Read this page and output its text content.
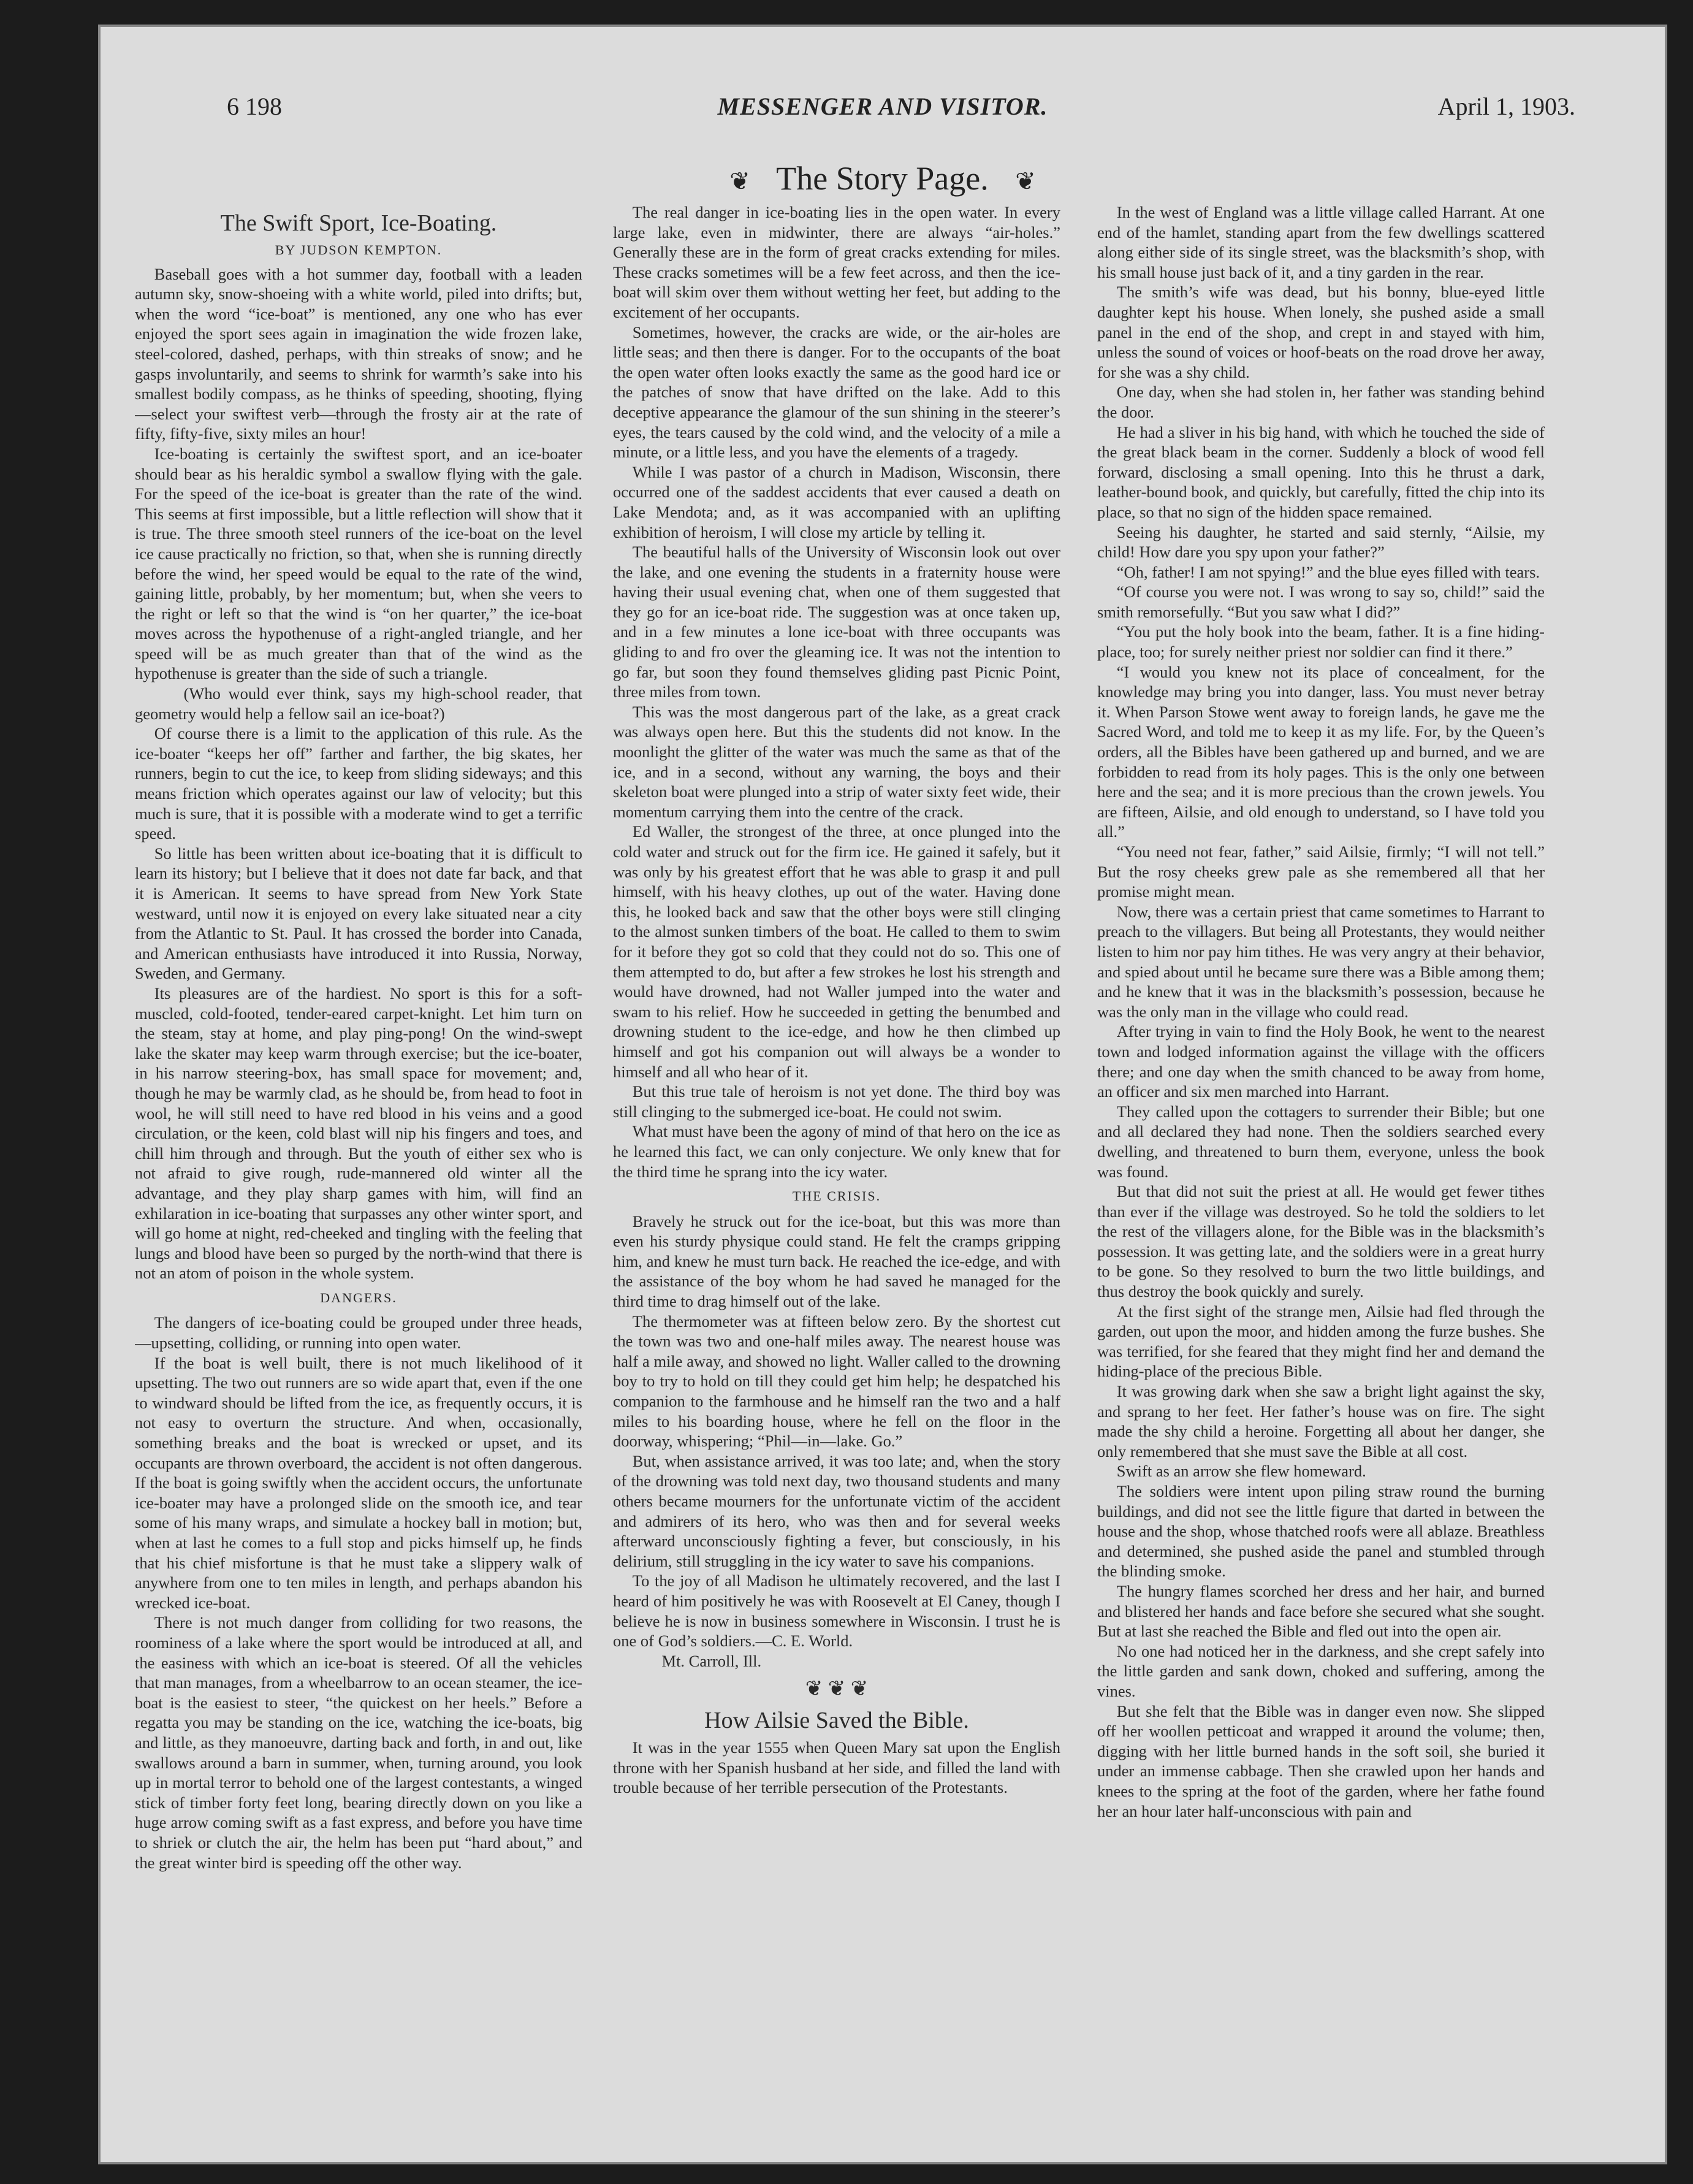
6 198	MESSENGER AND VISITOR.	April 1, 1903.
❦ The Story Page. ❦
The Swift Sport, Ice-Boating.
BY JUDSON KEMPTON.

Baseball goes with a hot summer day, football with a leaden autumn sky, snow-shoeing with a white world, piled into drifts; but, when the word “ice-boat” is mentioned, any one who has ever enjoyed the sport sees again in imagination the wide frozen lake, steel-colored, dashed, perhaps, with thin streaks of snow; and he gasps involuntarily, and seems to shrink for warmth’s sake into his smallest bodily compass, as he thinks of speeding, shooting, flying—select your swiftest verb—through the frosty air at the rate of fifty, fifty-five, sixty miles an hour!

Ice-boating is certainly the swiftest sport, and an ice-boater should bear as his heraldic symbol a swallow flying with the gale. For the speed of the ice-boat is greater than the rate of the wind. This seems at first impossible, but a little reflection will show that it is true. The three smooth steel runners of the ice-boat on the level ice cause practically no friction, so that, when she is running directly before the wind, her speed would be equal to the rate of the wind, gaining little, probably, by her momentum; but, when she veers to the right or left so that the wind is “on her quarter,” the ice-boat moves across the hypothenuse of a right-angled triangle, and her speed will be as much greater than that of the wind as the hypothenuse is greater than the side of such a triangle.

(Who would ever think, says my high-school reader, that geometry would help a fellow sail an ice-boat?)

Of course there is a limit to the application of this rule. As the ice-boater “keeps her off” farther and farther, the big skates, her runners, begin to cut the ice, to keep from sliding sideways; and this means friction which operates against our law of velocity; but this much is sure, that it is possible with a moderate wind to get a terrific speed.

So little has been written about ice-boating that it is difficult to learn its history; but I believe that it does not date far back, and that it is American. It seems to have spread from New York State westward, until now it is enjoyed on every lake situated near a city from the Atlantic to St. Paul. It has crossed the border into Canada, and American enthusiasts have introduced it into Russia, Norway, Sweden, and Germany.

Its pleasures are of the hardiest. No sport is this for a soft-muscled, cold-footed, tender-eared carpet-knight. Let him turn on the steam, stay at home, and play ping-pong! On the wind-swept lake the skater may keep warm through exercise; but the ice-boater, in his narrow steering-box, has small space for movement; and, though he may be warmly clad, as he should be, from head to foot in wool, he will still need to have red blood in his veins and a good circulation, or the keen, cold blast will nip his fingers and toes, and chill him through and through. But the youth of either sex who is not afraid to give rough, rude-mannered old winter all the advantage, and they play sharp games with him, will find an exhilaration in ice-boating that surpasses any other winter sport, and will go home at night, red-cheeked and tingling with the feeling that lungs and blood have been so purged by the north-wind that there is not an atom of poison in the whole system.

DANGERS.

The dangers of ice-boating could be grouped under three heads,—upsetting, colliding, or running into open water.

If the boat is well built, there is not much likelihood of it upsetting. The two out runners are so wide apart that, even if the one to windward should be lifted from the ice, as frequently occurs, it is not easy to overturn the structure. And when, occasionally, something breaks and the boat is wrecked or upset, and its occupants are thrown overboard, the accident is not often dangerous. If the boat is going swiftly when the accident occurs, the unfortunate ice-boater may have a prolonged slide on the smooth ice, and tear some of his many wraps, and simulate a hockey ball in motion; but, when at last he comes to a full stop and picks himself up, he finds that his chief misfortune is that he must take a slippery walk of anywhere from one to ten miles in length, and perhaps abandon his wrecked ice-boat.

There is not much danger from colliding for two reasons, the roominess of a lake where the sport would be introduced at all, and the easiness with which an ice-boat is steered. Of all the vehicles that man manages, from a wheelbarrow to an ocean steamer, the ice-boat is the easiest to steer, “the quickest on her heels.” Before a regatta you may be standing on the ice, watching the ice-boats, big and little, as they manoeuvre, darting back and forth, in and out, like swallows around a barn in summer, when, turning around, you look up in mortal terror to behold one of the largest contestants, a winged stick of timber forty feet long, bearing directly down on you like a huge arrow coming swift as a fast express, and before you have time to shriek or clutch the air, the helm has been put “hard about,” and the great winter bird is speeding off the other way.

The real danger in ice-boating lies in the open water. In every large lake, even in midwinter, there are always “air-holes.” Generally these are in the form of great cracks extending for miles. These cracks sometimes will be a few feet across, and then the ice-boat will skim over them without wetting her feet, but adding to the excitement of her occupants.

Sometimes, however, the cracks are wide, or the air-holes are little seas; and then there is danger. For to the occupants of the boat the open water often looks exactly the same as the good hard ice or the patches of snow that have drifted on the lake. Add to this deceptive appearance the glamour of the sun shining in the steerer’s eyes, the tears caused by the cold wind, and the velocity of a mile a minute, or a little less, and you have the elements of a tragedy.

While I was pastor of a church in Madison, Wisconsin, there occurred one of the saddest accidents that ever caused a death on Lake Mendota; and, as it was accompanied with an uplifting exhibition of heroism, I will close my article by telling it.

The beautiful halls of the University of Wisconsin look out over the lake, and one evening the students in a fraternity house were having their usual evening chat, when one of them suggested that they go for an ice-boat ride. The suggestion was at once taken up, and in a few minutes a lone ice-boat with three occupants was gliding to and fro over the gleaming ice. It was not the intention to go far, but soon they found themselves gliding past Picnic Point, three miles from town.

This was the most dangerous part of the lake, as a great crack was always open here. But this the students did not know. In the moonlight the glitter of the water was much the same as that of the ice, and in a second, without any warning, the boys and their skeleton boat were plunged into a strip of water sixty feet wide, their momentum carrying them into the centre of the crack.

Ed Waller, the strongest of the three, at once plunged into the cold water and struck out for the firm ice. He gained it safely, but it was only by his greatest effort that he was able to grasp it and pull himself, with his heavy clothes, up out of the water. Having done this, he looked back and saw that the other boys were still clinging to the almost sunken timbers of the boat. He called to them to swim for it before they got so cold that they could not do so. This one of them attempted to do, but after a few strokes he lost his strength and would have drowned, had not Waller jumped into the water and swam to his relief. How he succeeded in getting the benumbed and drowning student to the ice-edge, and how he then climbed up himself and got his companion out will always be a wonder to himself and all who hear of it.

But this true tale of heroism is not yet done. The third boy was still clinging to the submerged ice-boat. He could not swim.

What must have been the agony of mind of that hero on the ice as he learned this fact, we can only conjecture. We only knew that for the third time he sprang into the icy water.

THE CRISIS.

Bravely he struck out for the ice-boat, but this was more than even his sturdy physique could stand. He felt the cramps gripping him, and knew he must turn back. He reached the ice-edge, and with the assistance of the boy whom he had saved he managed for the third time to drag himself out of the lake.

The thermometer was at fifteen below zero. By the shortest cut the town was two and one-half miles away. The nearest house was half a mile away, and showed no light. Waller called to the drowning boy to try to hold on till they could get him help; he despatched his companion to the farmhouse and he himself ran the two and a half miles to his boarding house, where he fell on the floor in the doorway, whispering; “Phil—in—lake. Go.”

But, when assistance arrived, it was too late; and, when the story of the drowning was told next day, two thousand students and many others became mourners for the unfortunate victim of the accident and admirers of its hero, who was then and for several weeks afterward unconsciously fighting a fever, but consciously, in his delirium, still struggling in the icy water to save his companions.

To the joy of all Madison he ultimately recovered, and the last I heard of him positively he was with Roosevelt at El Caney, though I believe he is now in business somewhere in Wisconsin. I trust he is one of God’s soldiers.—C. E. World.

Mt. Carroll, Ill.

❦ ❦ ❦
How Ailsie Saved the Bible.

It was in the year 1555 when Queen Mary sat upon the English throne with her Spanish husband at her side, and filled the land with trouble because of her terrible persecution of the Protestants.

In the west of England was a little village called Harrant. At one end of the hamlet, standing apart from the few dwellings scattered along either side of its single street, was the blacksmith’s shop, with his small house just back of it, and a tiny garden in the rear.

The smith’s wife was dead, but his bonny, blue-eyed little daughter kept his house. When lonely, she pushed aside a small panel in the end of the shop, and crept in and stayed with him, unless the sound of voices or hoof-beats on the road drove her away, for she was a shy child.

One day, when she had stolen in, her father was standing behind the door.

He had a sliver in his big hand, with which he touched the side of the great black beam in the corner. Suddenly a block of wood fell forward, disclosing a small opening. Into this he thrust a dark, leather-bound book, and quickly, but carefully, fitted the chip into its place, so that no sign of the hidden space remained.

Seeing his daughter, he started and said sternly, “Ailsie, my child! How dare you spy upon your father?”

“Oh, father! I am not spying!” and the blue eyes filled with tears.

“Of course you were not. I was wrong to say so, child!” said the smith remorsefully. “But you saw what I did?”

“You put the holy book into the beam, father. It is a fine hiding-place, too; for surely neither priest nor soldier can find it there.”

“I would you knew not its place of concealment, for the knowledge may bring you into danger, lass. You must never betray it. When Parson Stowe went away to foreign lands, he gave me the Sacred Word, and told me to keep it as my life. For, by the Queen’s orders, all the Bibles have been gathered up and burned, and we are forbidden to read from its holy pages. This is the only one between here and the sea; and it is more precious than the crown jewels. You are fifteen, Ailsie, and old enough to understand, so I have told you all.”

“You need not fear, father,” said Ailsie, firmly; “I will not tell.” But the rosy cheeks grew pale as she remembered all that her promise might mean.

Now, there was a certain priest that came sometimes to Harrant to preach to the villagers. But being all Protestants, they would neither listen to him nor pay him tithes. He was very angry at their behavior, and spied about until he became sure there was a Bible among them; and he knew that it was in the blacksmith’s possession, because he was the only man in the village who could read.

After trying in vain to find the Holy Book, he went to the nearest town and lodged information against the village with the officers there; and one day when the smith chanced to be away from home, an officer and six men marched into Harrant.

They called upon the cottagers to surrender their Bible; but one and all declared they had none. Then the soldiers searched every dwelling, and threatened to burn them, everyone, unless the book was found.

But that did not suit the priest at all. He would get fewer tithes than ever if the village was destroyed. So he told the soldiers to let the rest of the villagers alone, for the Bible was in the blacksmith’s possession. It was getting late, and the soldiers were in a great hurry to be gone. So they resolved to burn the two little buildings, and thus destroy the book quickly and surely.

At the first sight of the strange men, Ailsie had fled through the garden, out upon the moor, and hidden among the furze bushes. She was terrified, for she feared that they might find her and demand the hiding-place of the precious Bible.

It was growing dark when she saw a bright light against the sky, and sprang to her feet. Her father’s house was on fire. The sight made the shy child a heroine. Forgetting all about her danger, she only remembered that she must save the Bible at all cost.

Swift as an arrow she flew homeward.

The soldiers were intent upon piling straw round the burning buildings, and did not see the little figure that darted in between the house and the shop, whose thatched roofs were all ablaze. Breathless and determined, she pushed aside the panel and stumbled through the blinding smoke.

The hungry flames scorched her dress and her hair, and burned and blistered her hands and face before she secured what she sought. But at last she reached the Bible and fled out into the open air.

No one had noticed her in the darkness, and she crept safely into the little garden and sank down, choked and suffering, among the vines.

But she felt that the Bible was in danger even now. She slipped off her woollen petticoat and wrapped it around the volume; then, digging with her little burned hands in the soft soil, she buried it under an immense cabbage. Then she crawled upon her hands and knees to the spring at the foot of the garden, where her fathe found her an hour later half-unconscious with pain and
